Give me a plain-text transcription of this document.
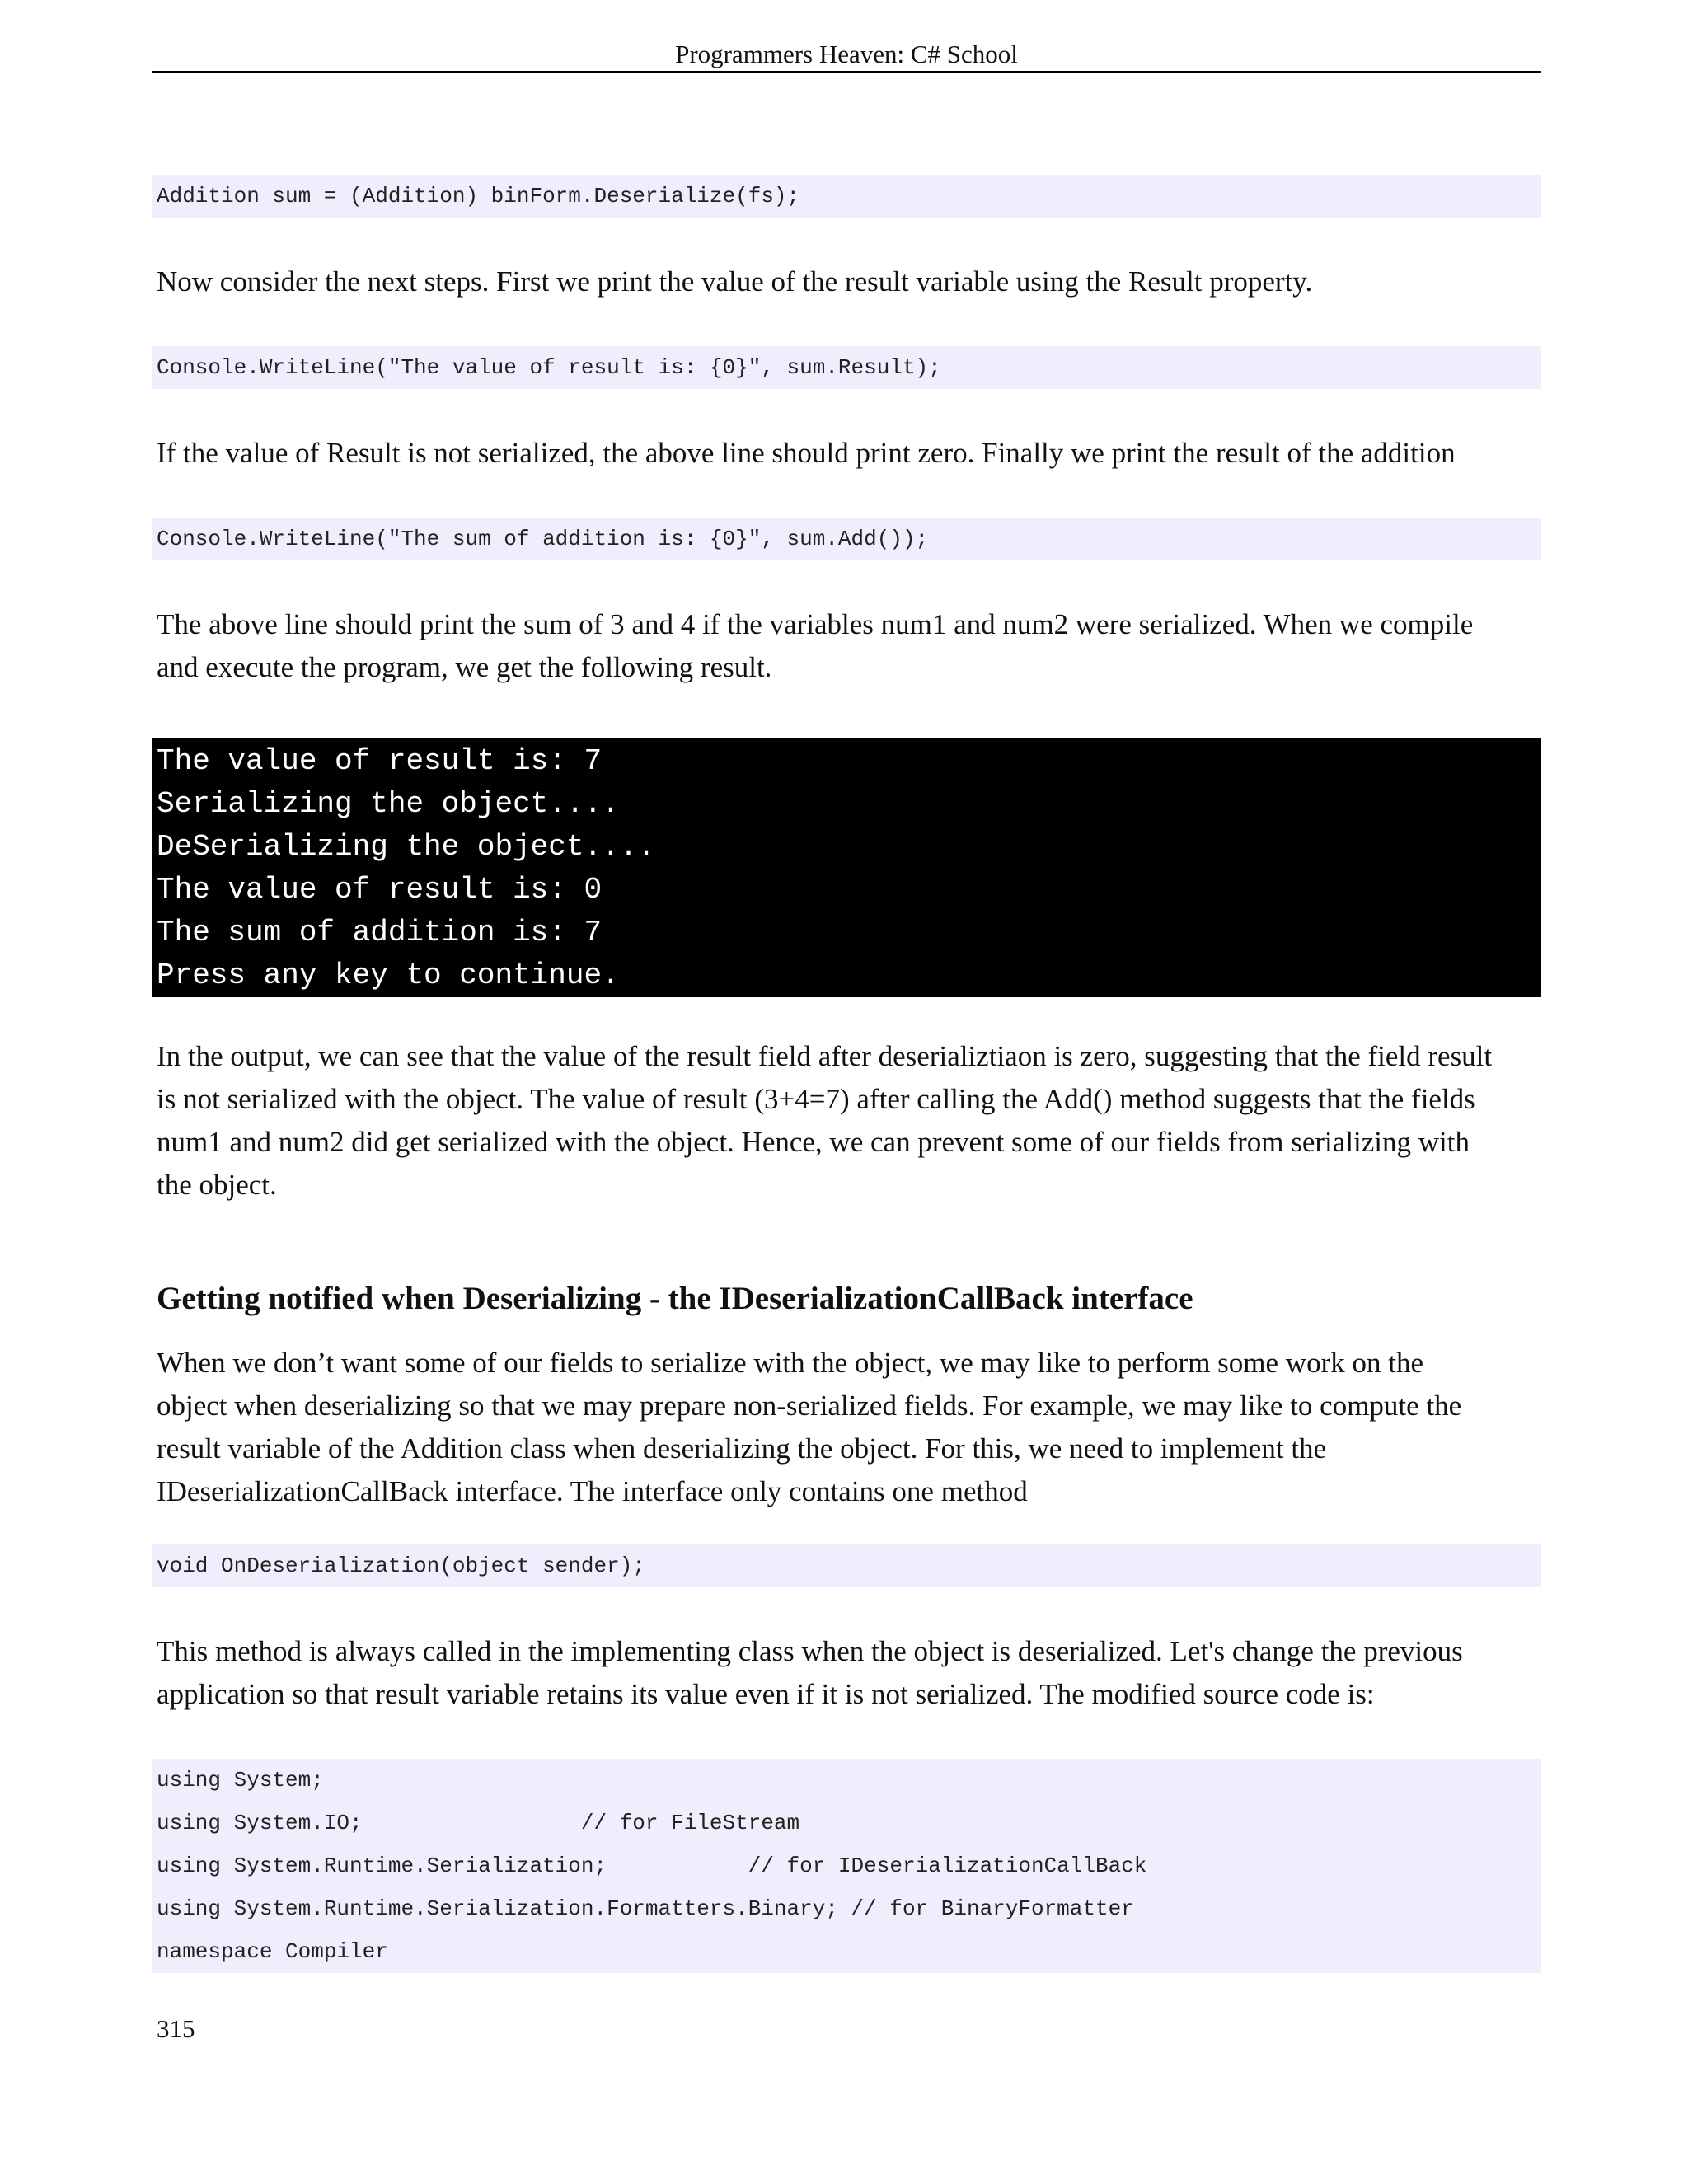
Programmers Heaven: C# School
Addition sum = (Addition) binForm.Deserialize(fs);
Now consider the next steps. First we print the value of the result variable using the Result property.
Console.WriteLine("The value of result is: {0}", sum.Result);
If the value of Result is not serialized, the above line should print zero. Finally we print the result of the addition
Console.WriteLine("The sum of addition is: {0}", sum.Add());
The above line should print the sum of 3 and 4 if the variables num1 and num2 were serialized. When we compile
and execute the program, we get the following result.
The value of result is: 7
Serializing the object....
DeSerializing the object....
The value of result is: 0
The sum of addition is: 7
Press any key to continue.
In the output, we can see that the value of the result field after deserializtiaon is zero, suggesting that the field result
is not serialized with the object. The value of result (3+4=7) after calling the Add() method suggests that the fields
num1 and num2 did get serialized with the object. Hence, we can prevent some of our fields from serializing with
the object.
Getting notified when Deserializing - the IDeserializationCallBack interface
When we don’t want some of our fields to serialize with the object, we may like to perform some work on the
object when deserializing so that we may prepare non-serialized fields. For example, we may like to compute the
result variable of the Addition class when deserializing the object. For this, we need to implement the
IDeserializationCallBack interface. The interface only contains one method
void OnDeserialization(object sender);
This method is always called in the implementing class when the object is deserialized. Let's change the previous
application so that result variable retains its value even if it is not serialized. The modified source code is:
using System;
using System.IO;                 // for FileStream
using System.Runtime.Serialization;           // for IDeserializationCallBack
using System.Runtime.Serialization.Formatters.Binary; // for BinaryFormatter
namespace Compiler
315
